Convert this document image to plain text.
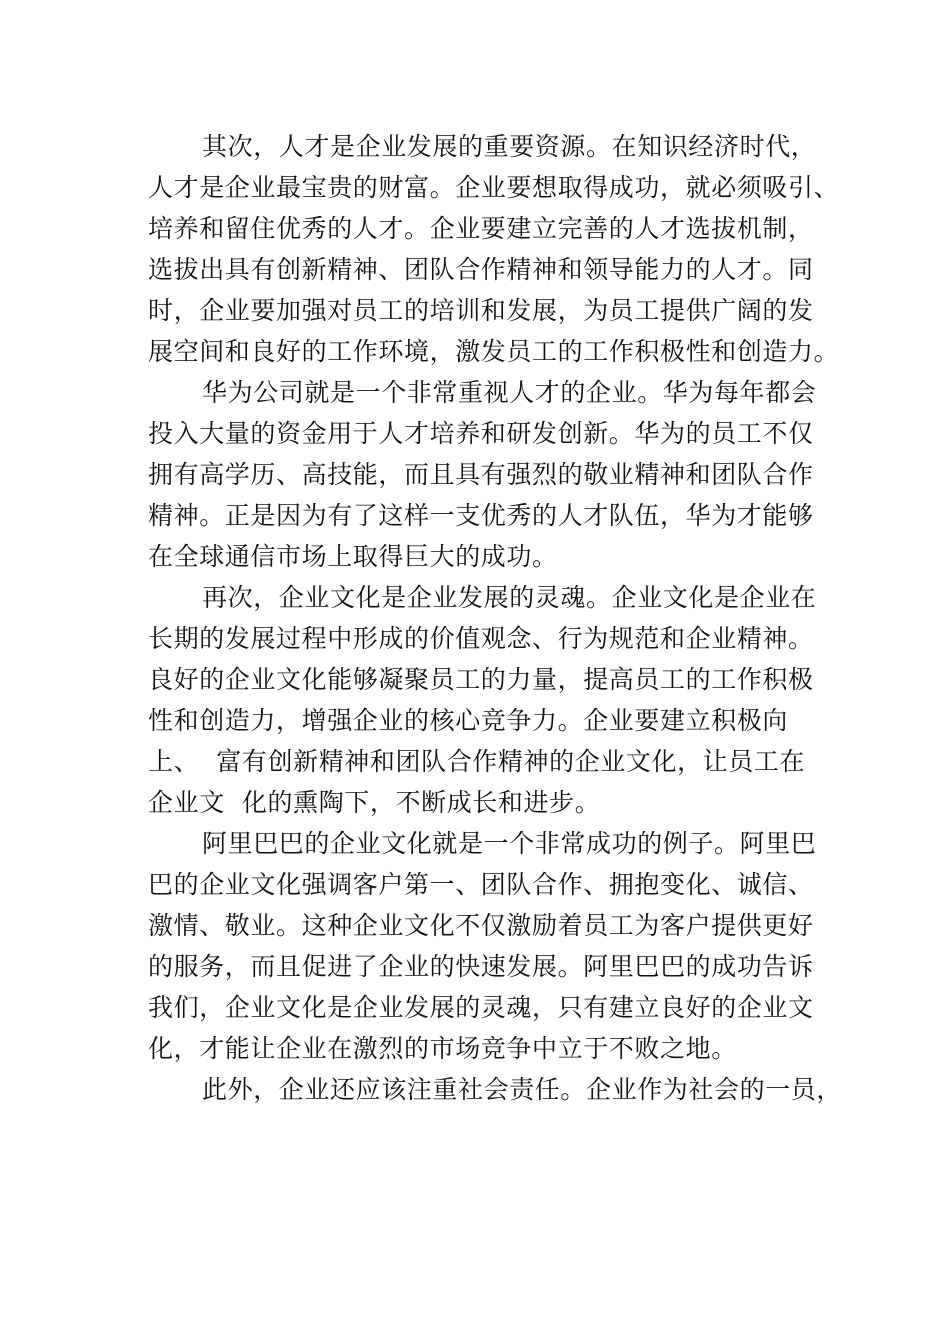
其次，人才是企业发展的重要资源。在知识经济时代，
人才是企业最宝贵的财富。企业要想取得成功，就必须吸引、
培养和留住优秀的人才。企业要建立完善的人才选拔机制，
选拔出具有创新精神、团队合作精神和领导能力的人才。同
时，企业要加强对员工的培训和发展，为员工提供广阔的发
展空间和良好的工作环境，激发员工的工作积极性和创造力。
华为公司就是一个非常重视人才的企业。华为每年都会
投入大量的资金用于人才培养和研发创新。华为的员工不仅
拥有高学历、高技能，而且具有强烈的敬业精神和团队合作
精神。正是因为有了这样一支优秀的人才队伍，华为才能够
在全球通信市场上取得巨大的成功。
再次，企业文化是企业发展的灵魂。企业文化是企业在
长期的发展过程中形成的价值观念、行为规范和企业精神。
良好的企业文化能够凝聚员工的力量，提高员工的工作积极
性和创造力，增强企业的核心竞争力。企业要建立积极向
上、  富有创新精神和团队合作精神的企业文化，让员工在
企业文  化的熏陶下，不断成长和进步。
阿里巴巴的企业文化就是一个非常成功的例子。阿里巴
巴的企业文化强调客户第一、团队合作、拥抱变化、诚信、
激情、敬业。这种企业文化不仅激励着员工为客户提供更好
的服务，而且促进了企业的快速发展。阿里巴巴的成功告诉
我们，企业文化是企业发展的灵魂，只有建立良好的企业文
化，才能让企业在激烈的市场竞争中立于不败之地。
此外，企业还应该注重社会责任。企业作为社会的一员，
